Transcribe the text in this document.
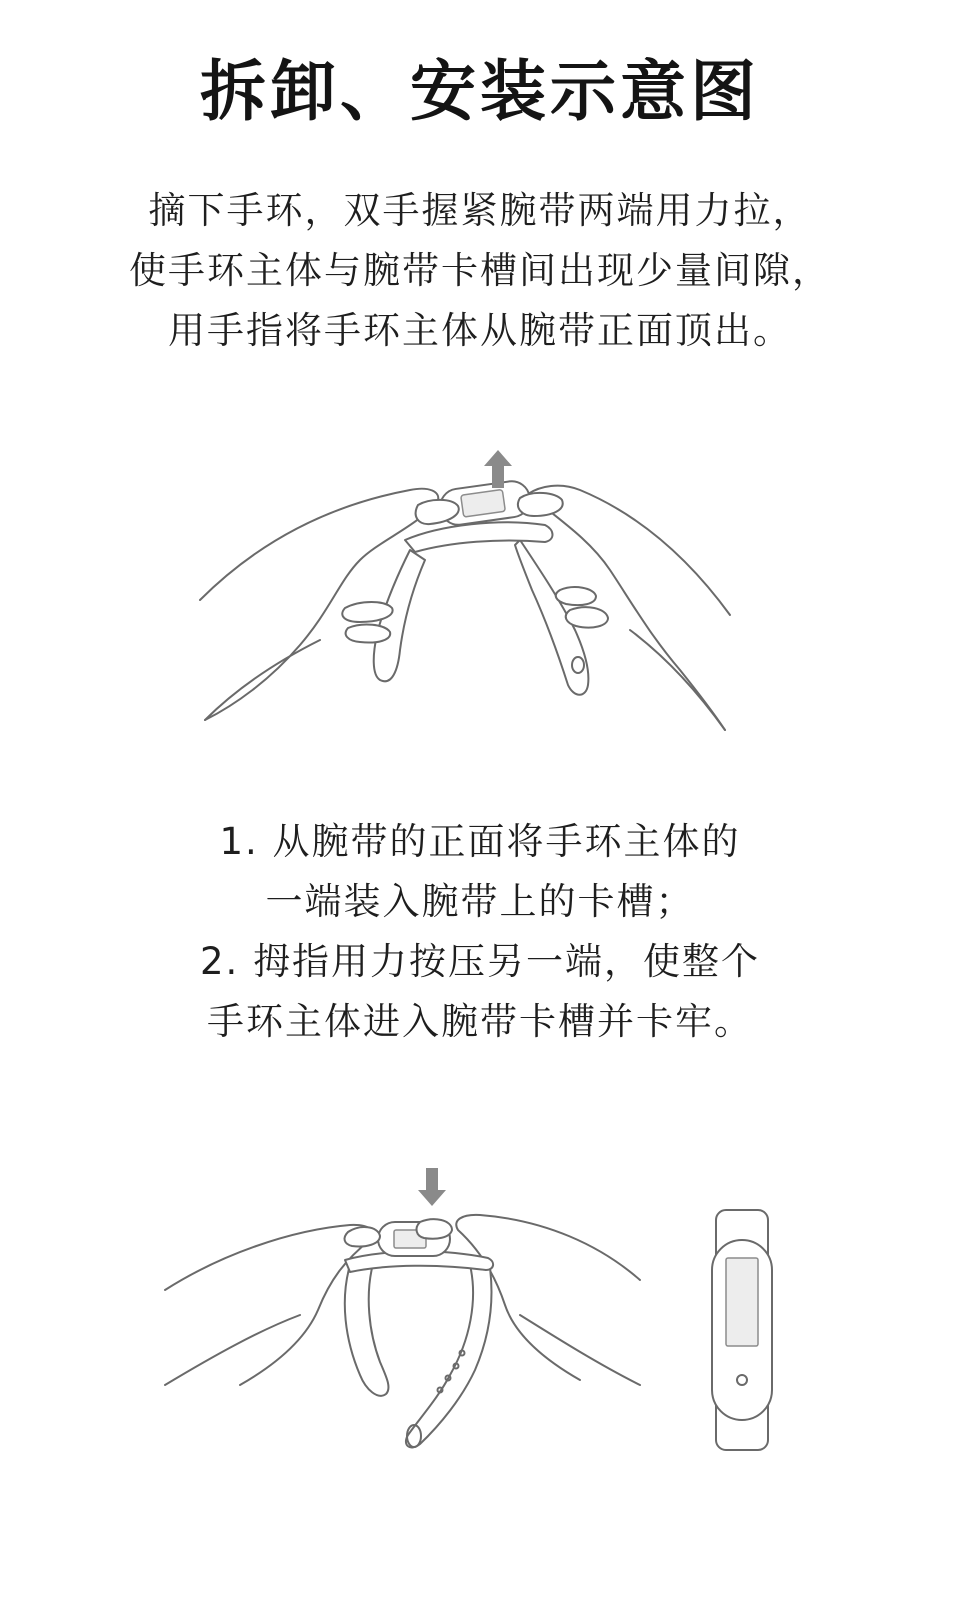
拆卸、安装示意图
摘下手环，双手握紧腕带两端用力拉，
使手环主体与腕带卡槽间出现少量间隙，
用手指将手环主体从腕带正面顶出。
1. 从腕带的正面将手环主体的
一端装入腕带上的卡槽；
2. 拇指用力按压另一端，使整个
手环主体进入腕带卡槽并卡牢。
